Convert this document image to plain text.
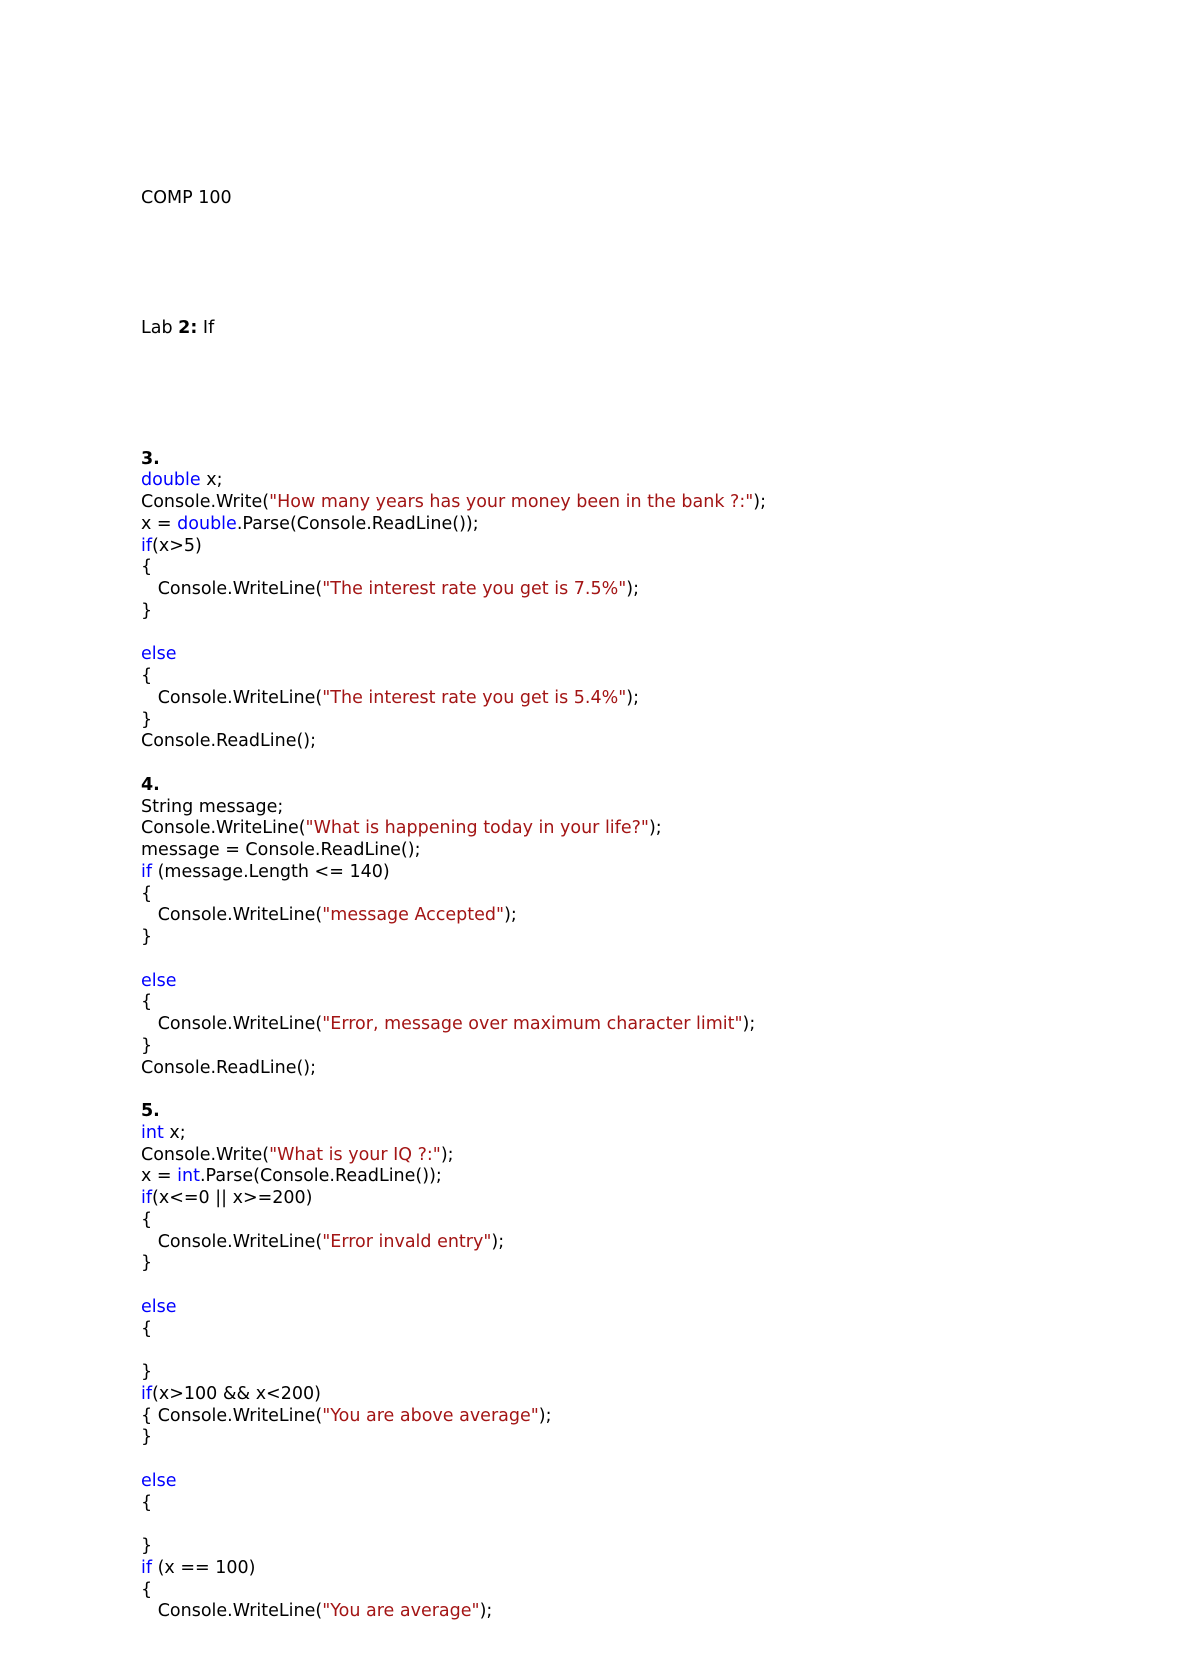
COMP 100

Lab 2: If

3.
double x;
Console.Write("How many years has your money been in the bank ?:");
x = double.Parse(Console.ReadLine());
if(x>5)
{
Console.WriteLine("The interest rate you get is 7.5%");
}
else
{
Console.WriteLine("The interest rate you get is 5.4%");
}
Console.ReadLine();
4.
String message;
Console.WriteLine("What is happening today in your life?");
message = Console.ReadLine();
if (message.Length <= 140)
{
Console.WriteLine("message Accepted");
}
else
{
Console.WriteLine("Error, message over maximum character limit");
}
Console.ReadLine();
5.
int x;
Console.Write("What is your IQ ?:");
x = int.Parse(Console.ReadLine());
if(x<=0 || x>=200)
{
Console.WriteLine("Error invald entry");
}
else
{
}
if(x>100 && x<200)
{ Console.WriteLine("You are above average");
}
else
{
}
if (x == 100)
{
Console.WriteLine("You are average");
